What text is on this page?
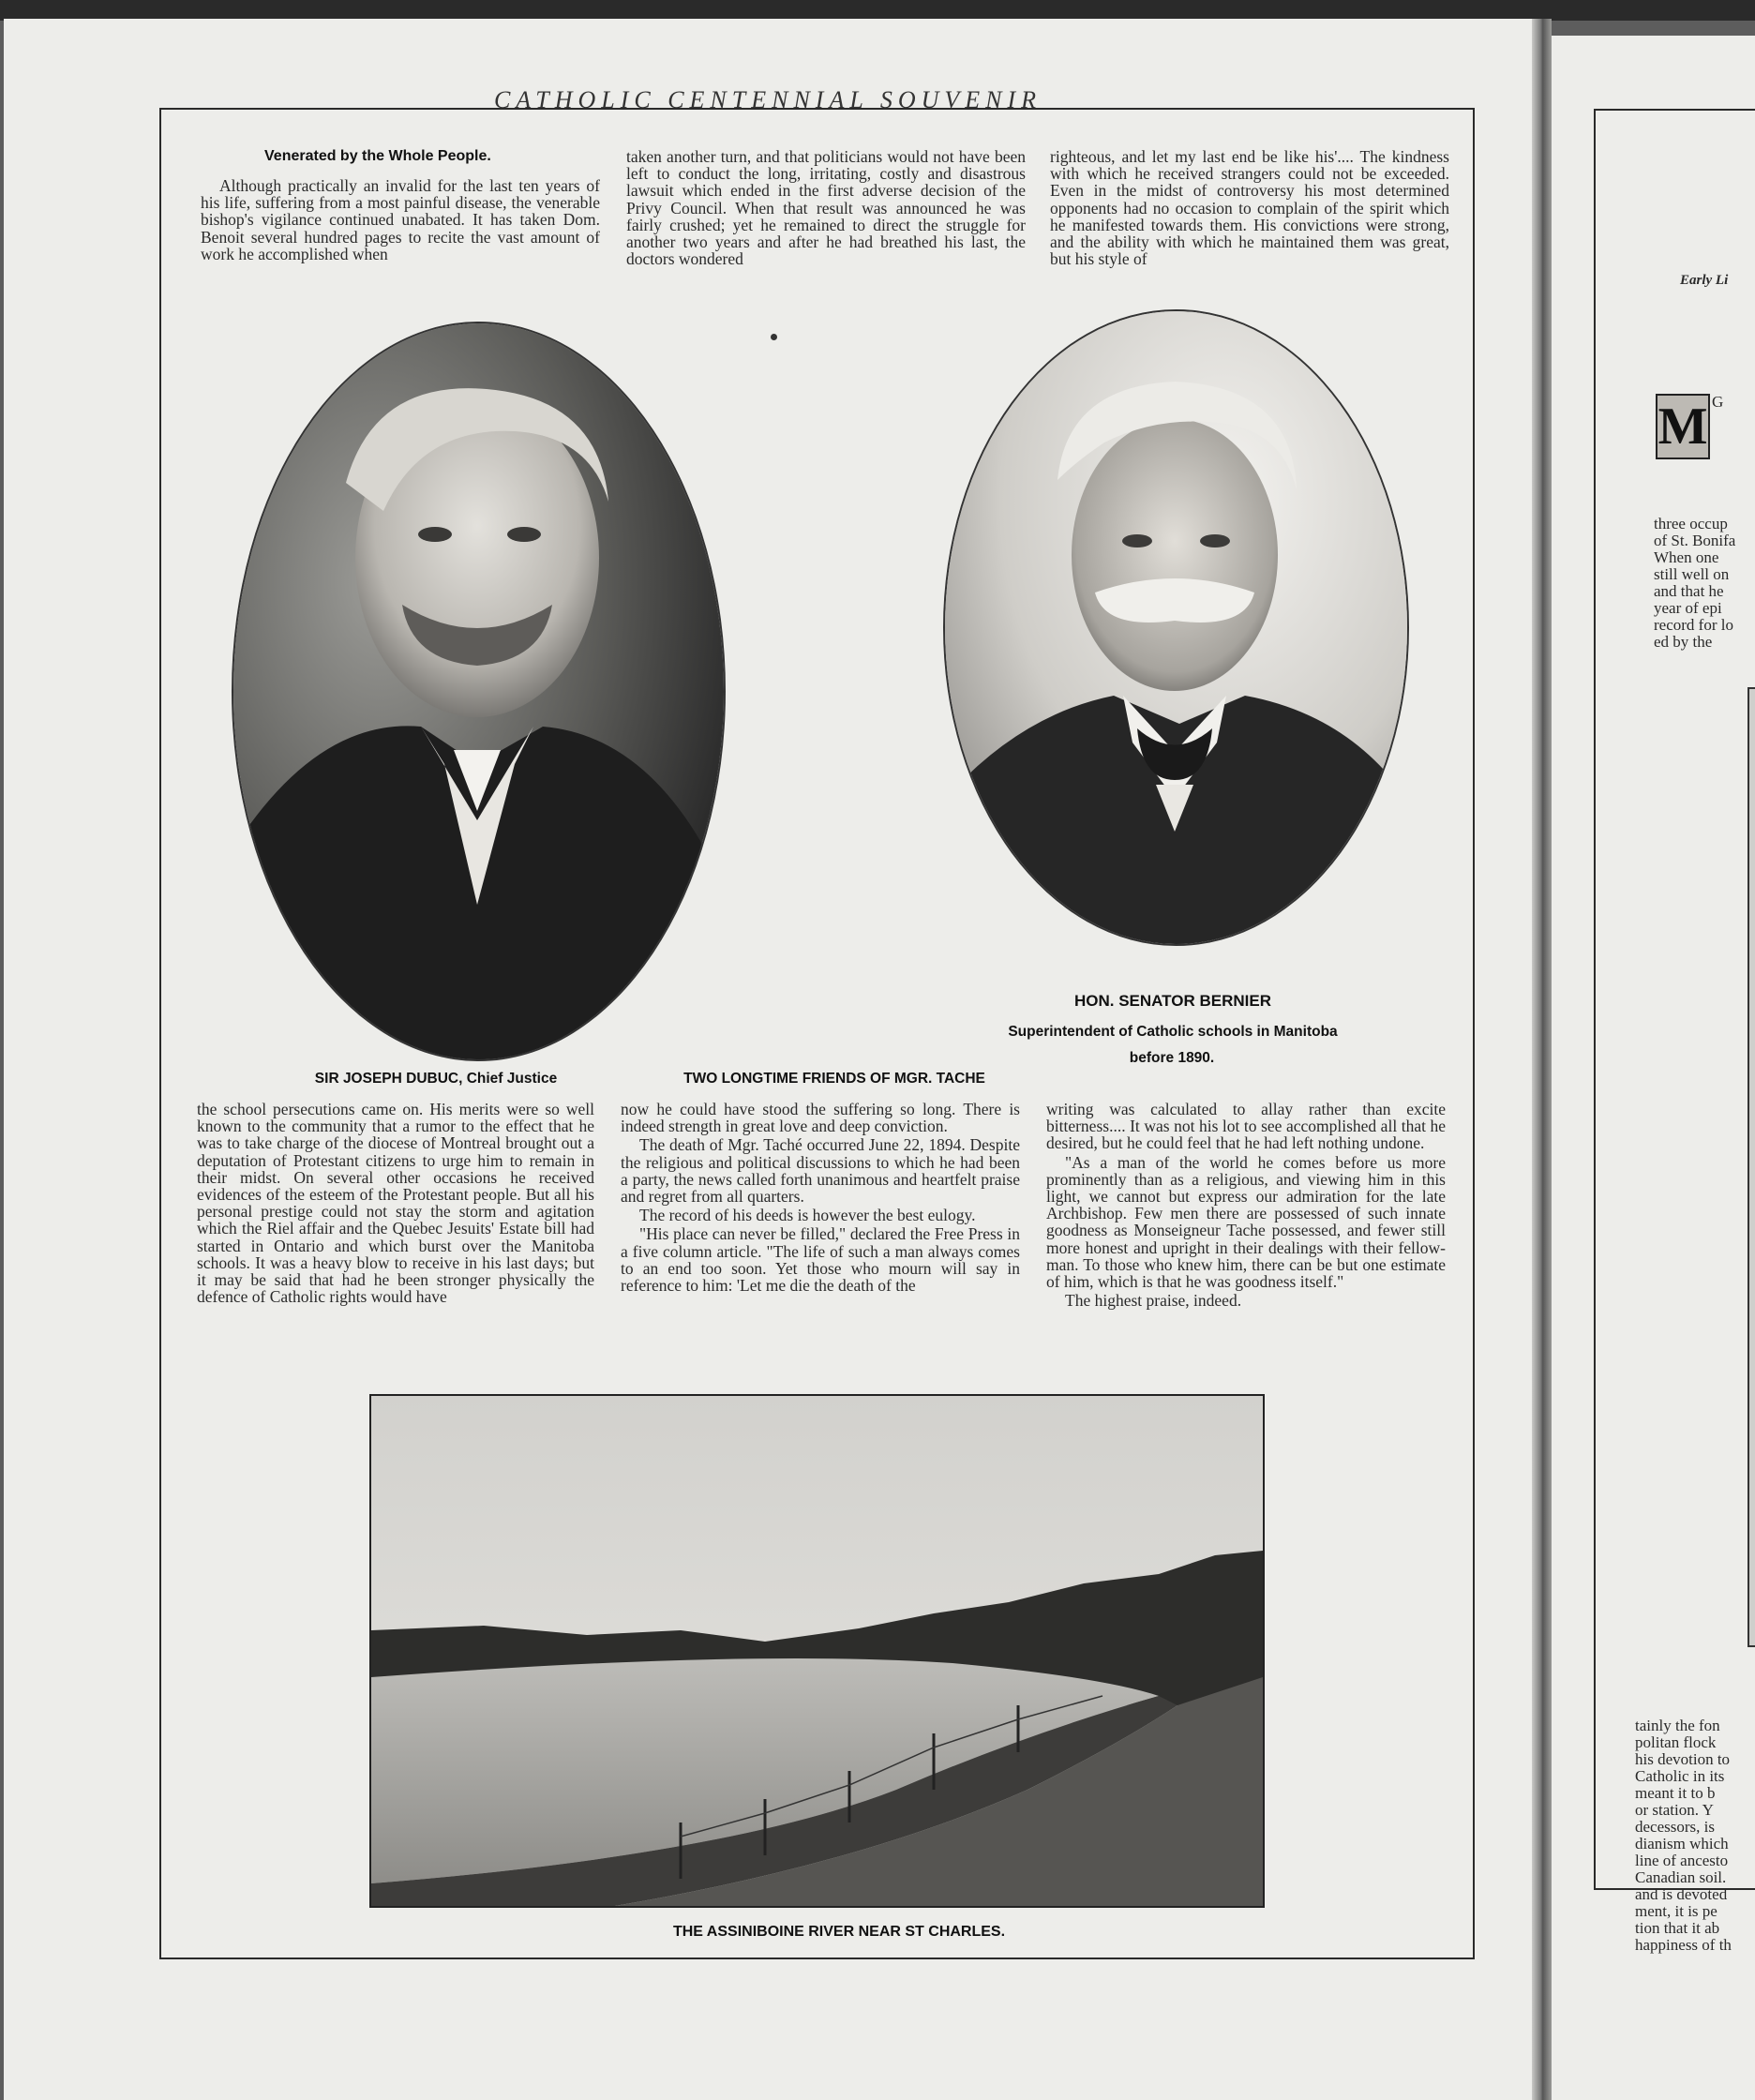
CATHOLIC CENTENNIAL SOUVENIR
Venerated by the Whole People.

Although practically an invalid for the last ten years of his life, suffering from a most painful disease, the venerable bishop's vigilance continued unabated. It has taken Dom. Benoit several hundred pages to recite the vast amount of work he accomplished when

taken another turn, and that politicians would not have been left to conduct the long, irritating, costly and disastrous lawsuit which ended in the first adverse decision of the Privy Council. When that result was announced he was fairly crushed; yet he remained to direct the struggle for another two years and after he had breathed his last, the doctors wondered

righteous, and let my last end be like his'.... The kindness with which he received strangers could not be exceeded. Even in the midst of controversy his most determined opponents had no occasion to complain of the spirit which he manifested towards them. His convictions were strong, and the ability with which he maintained them was great, but his style of

HON. SENATOR BERNIER
Superintendent of Catholic schools in Manitoba
before 1890.
SIR JOSEPH DUBUC, Chief Justice	TWO LONGTIME FRIENDS OF MGR. TACHE

the school persecutions came on. His merits were so well known to the community that a rumor to the effect that he was to take charge of the diocese of Montreal brought out a deputation of Protestant citizens to urge him to remain in their midst. On several other occasions he received evidences of the esteem of the Protestant people. But all his personal prestige could not stay the storm and agitation which the Riel affair and the Quebec Jesuits' Estate bill had started in Ontario and which burst over the Manitoba schools. It was a heavy blow to receive in his last days; but it may be said that had he been stronger physically the defence of Catholic rights would have

now he could have stood the suffering so long. There is indeed strength in great love and deep conviction.

The death of Mgr. Taché occurred June 22, 1894. Despite the religious and political discussions to which he had been a party, the news called forth unanimous and heartfelt praise and regret from all quarters.

The record of his deeds is however the best eulogy.

"His place can never be filled," declared the Free Press in a five column article. "The life of such a man always comes to an end too soon. Yet those who mourn will say in reference to him: 'Let me die the death of the

writing was calculated to allay rather than excite bitterness.... It was not his lot to see accomplished all that he desired, but he could feel that he had left nothing undone.

"As a man of the world he comes before us more prominently than as a religious, and viewing him in this light, we cannot but express our admiration for the late Archbishop. Few men there are possessed of such innate goodness as Monseigneur Tache possessed, and fewer still more honest and upright in their dealings with their fellow-man. To those who knew him, there can be but one estimate of him, which is that he was goodness itself."

The highest praise, indeed.

THE ASSINIBOINE RIVER NEAR ST CHARLES.
Early Li
M G
three occup
of St. Bonifa
When one
still well on
and that he
year of epi
record for lo
ed by the
tainly the fon
politan flock
his devotion to
Catholic in its
meant it to b
or station. Y
decessors, is
dianism which
line of ancesto
Canadian soil.
and is devoted
ment, it is pe
tion that it ab
happiness of th
